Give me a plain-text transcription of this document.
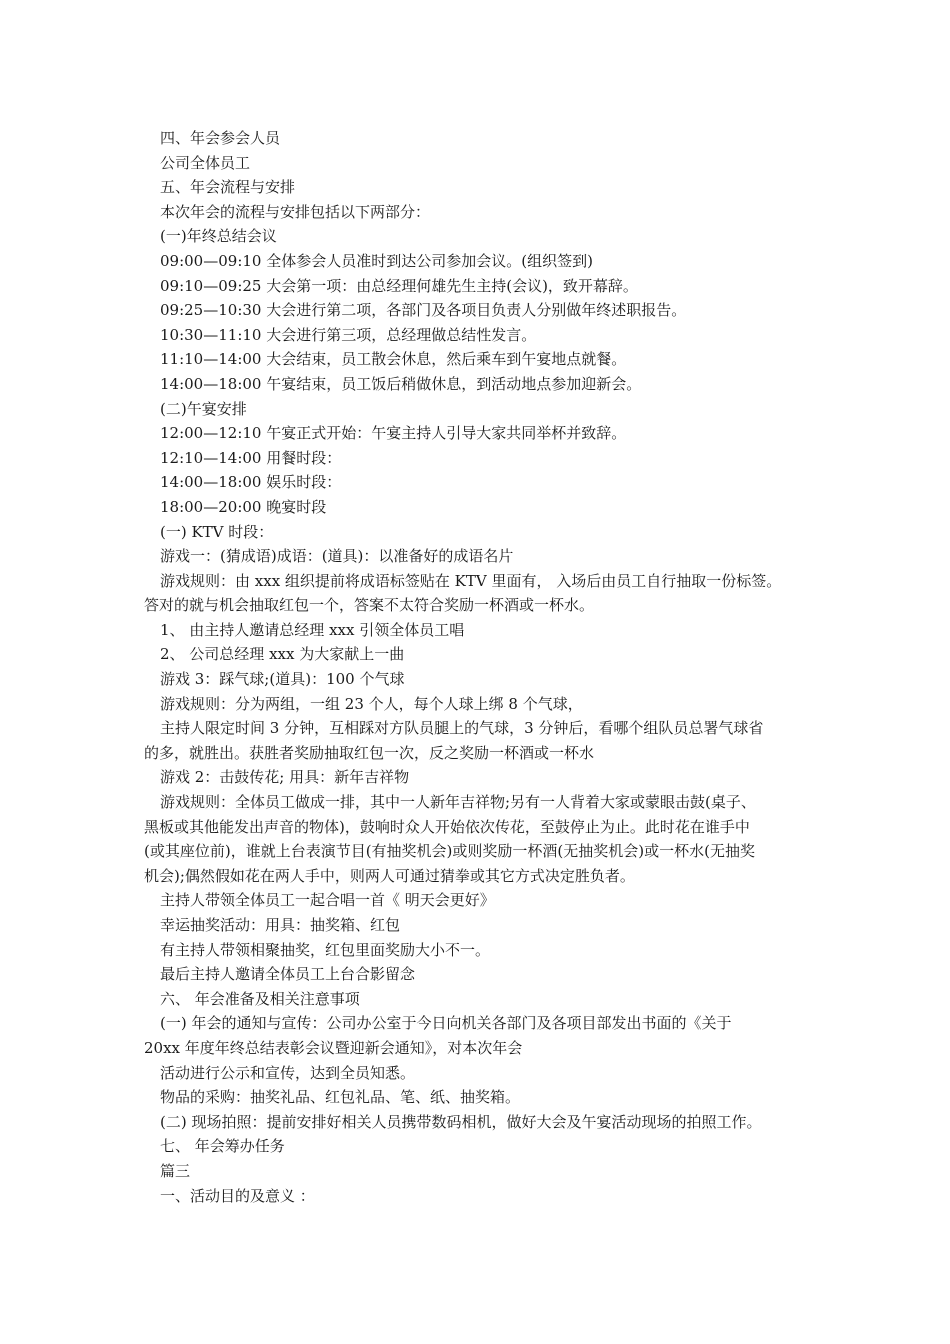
四、年会参会人员
公司全体员工
五、年会流程与安排
本次年会的流程与安排包括以下两部分：
(一)年终总结会议
09:00—09:10 全体参会人员准时到达公司参加会议。(组织签到)
09:10—09:25 大会第一项：由总经理何雄先生主持(会议)，致开幕辞。
09:25—10:30 大会进行第二项，各部门及各项目负责人分别做年终述职报告。
10:30—11:10 大会进行第三项，总经理做总结性发言。
11:10—14:00 大会结束，员工散会休息，然后乘车到午宴地点就餐。
14:00—18:00 午宴结束，员工饭后稍做休息，到活动地点参加迎新会。
(二)午宴安排
12:00—12:10 午宴正式开始：午宴主持人引导大家共同举杯并致辞。
12:10—14:00 用餐时段：
14:00—18:00 娱乐时段：
18:00—20:00 晚宴时段
(一) KTV 时段：
游戏一：(猜成语)成语：(道具)：以准备好的成语名片
游戏规则：由 xxx 组织提前将成语标签贴在 KTV 里面有， 入场后由员工自行抽取一份标签。
答对的就与机会抽取红包一个，答案不太符合奖励一杯酒或一杯水。
1、 由主持人邀请总经理 xxx 引领全体员工唱
2、 公司总经理 xxx 为大家献上一曲
游戏 3：踩气球;(道具)：100 个气球
游戏规则：分为两组，一组 23 个人，每个人球上绑 8 个气球，
主持人限定时间 3 分钟，互相踩对方队员腿上的气球，3 分钟后，看哪个组队员总署气球省
的多，就胜出。获胜者奖励抽取红包一次，反之奖励一杯酒或一杯水
游戏 2：击鼓传花; 用具：新年吉祥物
游戏规则：全体员工做成一排，其中一人新年吉祥物;另有一人背着大家或蒙眼击鼓(桌子、
黑板或其他能发出声音的物体)，鼓响时众人开始依次传花，至鼓停止为止。此时花在谁手中
(或其座位前)，谁就上台表演节目(有抽奖机会)或则奖励一杯酒(无抽奖机会)或一杯水(无抽奖
机会);偶然假如花在两人手中，则两人可通过猜拳或其它方式决定胜负者。
主持人带领全体员工一起合唱一首《 明天会更好》
幸运抽奖活动：用具：抽奖箱、红包
有主持人带领相聚抽奖，红包里面奖励大小不一。
最后主持人邀请全体员工上台合影留念
六、 年会准备及相关注意事项
(一) 年会的通知与宣传：公司办公室于今日向机关各部门及各项目部发出书面的《关于
20xx 年度年终总结表彰会议暨迎新会通知》，对本次年会
活动进行公示和宣传，达到全员知悉。
物品的采购：抽奖礼品、红包礼品、笔、纸、抽奖箱。
(二) 现场拍照：提前安排好相关人员携带数码相机，做好大会及午宴活动现场的拍照工作。
七、 年会筹办任务
篇三
一、活动目的及意义 ：
